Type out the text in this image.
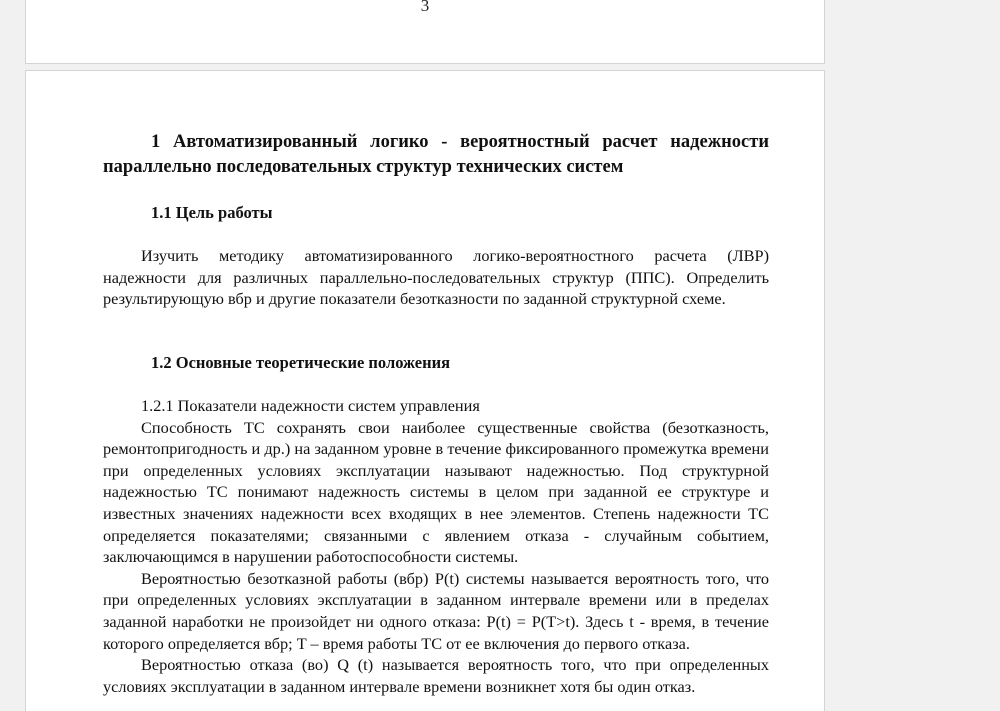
3
1 Автоматизированный логико - вероятностный расчет надежности параллельно последовательных структур технических систем
1.1 Цель работы
Изучить методику автоматизированного логико-вероятностного расчета (ЛВР) надежности для различных параллельно-последовательных структур (ППС). Определить результирующую вбр и другие показатели безотказности по заданной структурной схеме.
1.2 Основные теоретические положения

1.2.1 Показатели надежности систем управления

Способность ТС сохранять свои наиболее существенные свойства (безотказность, ремонтопригодность и др.) на заданном уровне в течение фиксированного промежутка времени при определенных условиях эксплуатации называют надежностью. Под структурной надежностью ТС понимают надежность системы в целом при заданной ее структуре и известных значениях надежности всех входящих в нее элементов. Степень надежности ТС определяется показателями; связанными с явлением отказа - случайным событием, заключающимся в нарушении работоспособности системы.

Вероятностью безотказной работы (вбр) P(t) системы называется вероятность того, что при определенных условиях эксплуатации в заданном интервале времени или в пределах заданной наработки не произойдет ни одного отказа: P(t) = P(T>t). Здесь t - время, в течение которого определяется вбр; T – время работы ТС от ее включения до первого отказа.

Вероятностью отказа (во) Q (t) называется вероятность того, что при определенных условиях эксплуатации в заданном интервале времени возникнет хотя бы один отказ.
